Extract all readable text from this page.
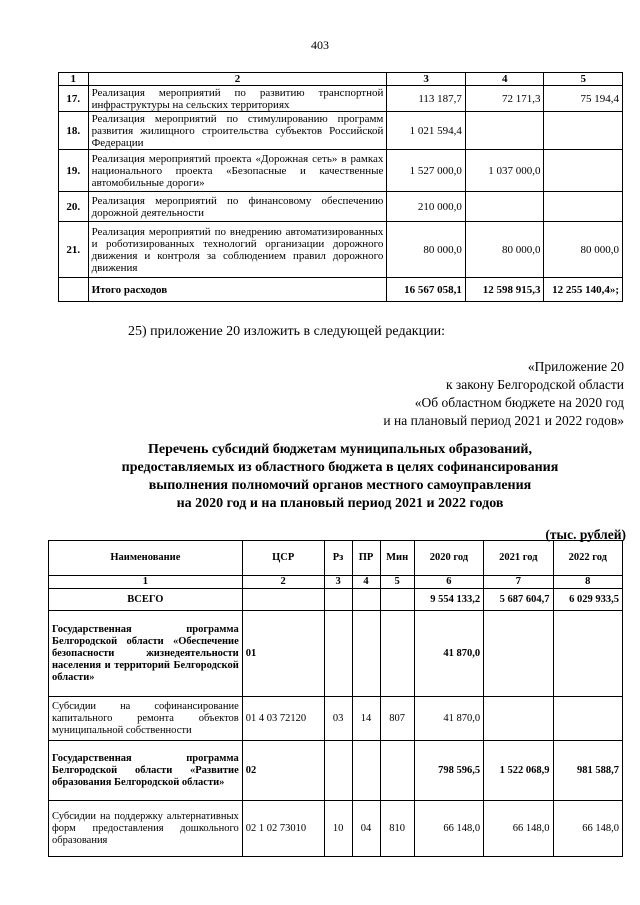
403
1	2	3	4	5
17.	Реализация мероприятий по развитию транспортной инфраструктуры на сельских территориях	113 187,7	72 171,3	75 194,4
18.	Реализация мероприятий по стимулированию программ развития жилищного строительства субъектов Российской Федерации	1 021 594,4		
19.	Реализация мероприятий проекта «Дорожная сеть» в рамках национального проекта «Безопасные и качественные автомобильные дороги»	1 527 000,0	1 037 000,0	
20.	Реализация мероприятий по финансовому обеспечению дорожной деятельности	210 000,0		
21.	Реализация мероприятий по внедрению автоматизированных и роботизированных технологий организации дорожного движения и контроля за соблюдением правил дорожного движения	80 000,0	80 000,0	80 000,0
	Итого расходов	16 567 058,1	12 598 915,3	12 255 140,4»;
25) приложение 20 изложить в следующей редакции:
«Приложение 20
к закону Белгородской области
«Об областном бюджете на 2020 год
и на плановый период 2021 и 2022 годов»
Перечень субсидий бюджетам муниципальных образований,
предоставляемых из областного бюджета в целях софинансирования
выполнения полномочий органов местного самоуправления
на 2020 год и на плановый период 2021 и 2022 годов
(тыс. рублей)
Наименование	ЦСР	Рз	ПР	Мин	2020 год	2021 год	2022 год
1	2	3	4	5	6	7	8
ВСЕГО					9 554 133,2	5 687 604,7	6 029 933,5
Государственная программа Белгородской области «Обеспечение безопасности жизнедеятельности населения и территорий Белгородской области»	01				41 870,0		
Субсидии на софинансирование капитального ремонта объектов муниципальной собственности	01 4 03 72120	03	14	807	41 870,0		
Государственная программа Белгородской области «Развитие образования Белгородской области»	02				798 596,5	1 522 068,9	981 588,7
Субсидии на поддержку альтернативных форм предоставления дошкольного образования	02 1 02 73010	10	04	810	66 148,0	66 148,0	66 148,0
